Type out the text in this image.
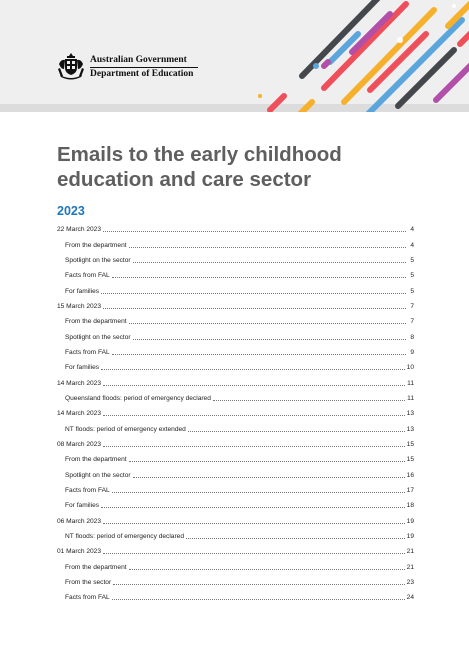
Australian Government
Department of Education
Emails to the early childhood
education and care sector
2023
22 March 2023	4
From the department	4
Spotlight on the sector	5
Facts from FAL	5
For families	5
15 March 2023	7
From the department	7
Spotlight on the sector	8
Facts from FAL	9
For families	10
14 March 2023	11
Queensland floods: period of emergency declared	11
14 March 2023	13
NT floods: period of emergency extended	13
08 March 2023	15
From the department	15
Spotlight on the sector	16
Facts from FAL	17
For families	18
06 March 2023	19
NT floods: period of emergency declared	19
01 March 2023	21
From the department	21
From the sector	23
Facts from FAL	24
